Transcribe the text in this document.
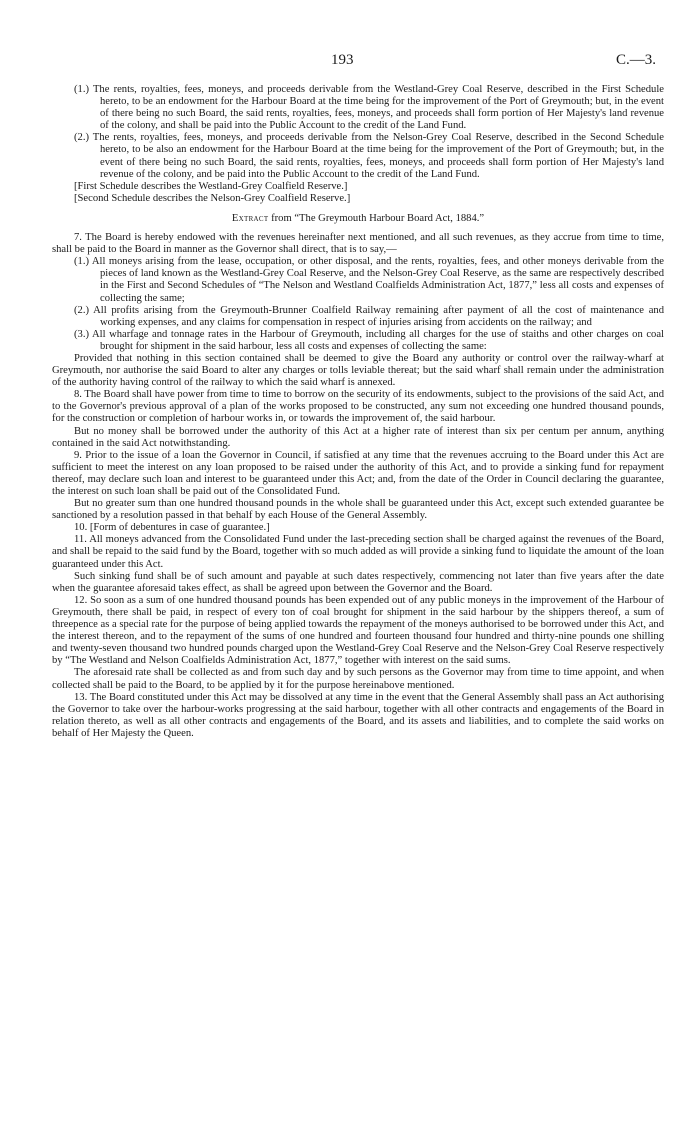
193	C.—3.

(1.) The rents, royalties, fees, moneys, and proceeds derivable from the Westland-Grey Coal Reserve, described in the First Schedule hereto, to be an endowment for the Harbour Board at the time being for the improvement of the Port of Greymouth; but, in the event of there being no such Board, the said rents, royalties, fees, moneys, and proceeds shall form portion of Her Majesty's land revenue of the colony, and shall be paid into the Public Account to the credit of the Land Fund.

(2.) The rents, royalties, fees, moneys, and proceeds derivable from the Nelson-Grey Coal Reserve, described in the Second Schedule hereto, to be also an endowment for the Harbour Board at the time being for the improvement of the Port of Greymouth; but, in the event of there being no such Board, the said rents, royalties, fees, moneys, and proceeds shall form portion of Her Majesty's land revenue of the colony, and be paid into the Public Account to the credit of the Land Fund.

[First Schedule describes the Westland-Grey Coalfield Reserve.]

[Second Schedule describes the Nelson-Grey Coalfield Reserve.]

Extract from “The Greymouth Harbour Board Act, 1884.”

7. The Board is hereby endowed with the revenues hereinafter next mentioned, and all such revenues, as they accrue from time to time, shall be paid to the Board in manner as the Governor shall direct, that is to say,—

(1.) All moneys arising from the lease, occupation, or other disposal, and the rents, royalties, fees, and other moneys derivable from the pieces of land known as the Westland-Grey Coal Reserve, and the Nelson-Grey Coal Reserve, as the same are respectively described in the First and Second Schedules of “The Nelson and Westland Coalfields Administration Act, 1877,” less all costs and expenses of collecting the same;

(2.) All profits arising from the Greymouth-Brunner Coalfield Railway remaining after payment of all the cost of maintenance and working expenses, and any claims for compensation in respect of injuries arising from accidents on the railway; and

(3.) All wharfage and tonnage rates in the Harbour of Greymouth, including all charges for the use of staiths and other charges on coal brought for shipment in the said harbour, less all costs and expenses of collecting the same:

Provided that nothing in this section contained shall be deemed to give the Board any authority or control over the railway-wharf at Greymouth, nor authorise the said Board to alter any charges or tolls leviable thereat; but the said wharf shall remain under the administration of the authority having control of the railway to which the said wharf is annexed.

8. The Board shall have power from time to time to borrow on the security of its endowments, subject to the provisions of the said Act, and to the Governor's previous approval of a plan of the works proposed to be constructed, any sum not exceeding one hundred thousand pounds, for the construction or completion of harbour works in, or towards the improvement of, the said harbour.

But no money shall be borrowed under the authority of this Act at a higher rate of interest than six per centum per annum, anything contained in the said Act notwithstanding.

9. Prior to the issue of a loan the Governor in Council, if satisfied at any time that the revenues accruing to the Board under this Act are sufficient to meet the interest on any loan proposed to be raised under the authority of this Act, and to provide a sinking fund for repayment thereof, may declare such loan and interest to be guaranteed under this Act; and, from the date of the Order in Council declaring the guarantee, the interest on such loan shall be paid out of the Consolidated Fund.

But no greater sum than one hundred thousand pounds in the whole shall be guaranteed under this Act, except such extended guarantee be sanctioned by a resolution passed in that behalf by each House of the General Assembly.

10. [Form of debentures in case of guarantee.]

11. All moneys advanced from the Consolidated Fund under the last-preceding section shall be charged against the revenues of the Board, and shall be repaid to the said fund by the Board, together with so much added as will provide a sinking fund to liquidate the amount of the loan guaranteed under this Act.

Such sinking fund shall be of such amount and payable at such dates respectively, commencing not later than five years after the date when the guarantee aforesaid takes effect, as shall be agreed upon between the Governor and the Board.

12. So soon as a sum of one hundred thousand pounds has been expended out of any public moneys in the improvement of the Harbour of Greymouth, there shall be paid, in respect of every ton of coal brought for shipment in the said harbour by the shippers thereof, a sum of threepence as a special rate for the purpose of being applied towards the repayment of the moneys authorised to be borrowed under this Act, and the interest thereon, and to the repayment of the sums of one hundred and fourteen thousand four hundred and thirty-nine pounds one shilling and twenty-seven thousand two hundred pounds charged upon the Westland-Grey Coal Reserve and the Nelson-Grey Coal Reserve respectively by “The Westland and Nelson Coalfields Administration Act, 1877,” together with interest on the said sums.

The aforesaid rate shall be collected as and from such day and by such persons as the Governor may from time to time appoint, and when collected shall be paid to the Board, to be applied by it for the purpose hereinabove mentioned.

13. The Board constituted under this Act may be dissolved at any time in the event that the General Assembly shall pass an Act authorising the Governor to take over the harbour-works progressing at the said harbour, together with all other contracts and engagements of the Board in relation thereto, as well as all other contracts and engagements of the Board, and its assets and liabilities, and to complete the said works on behalf of Her Majesty the Queen.
